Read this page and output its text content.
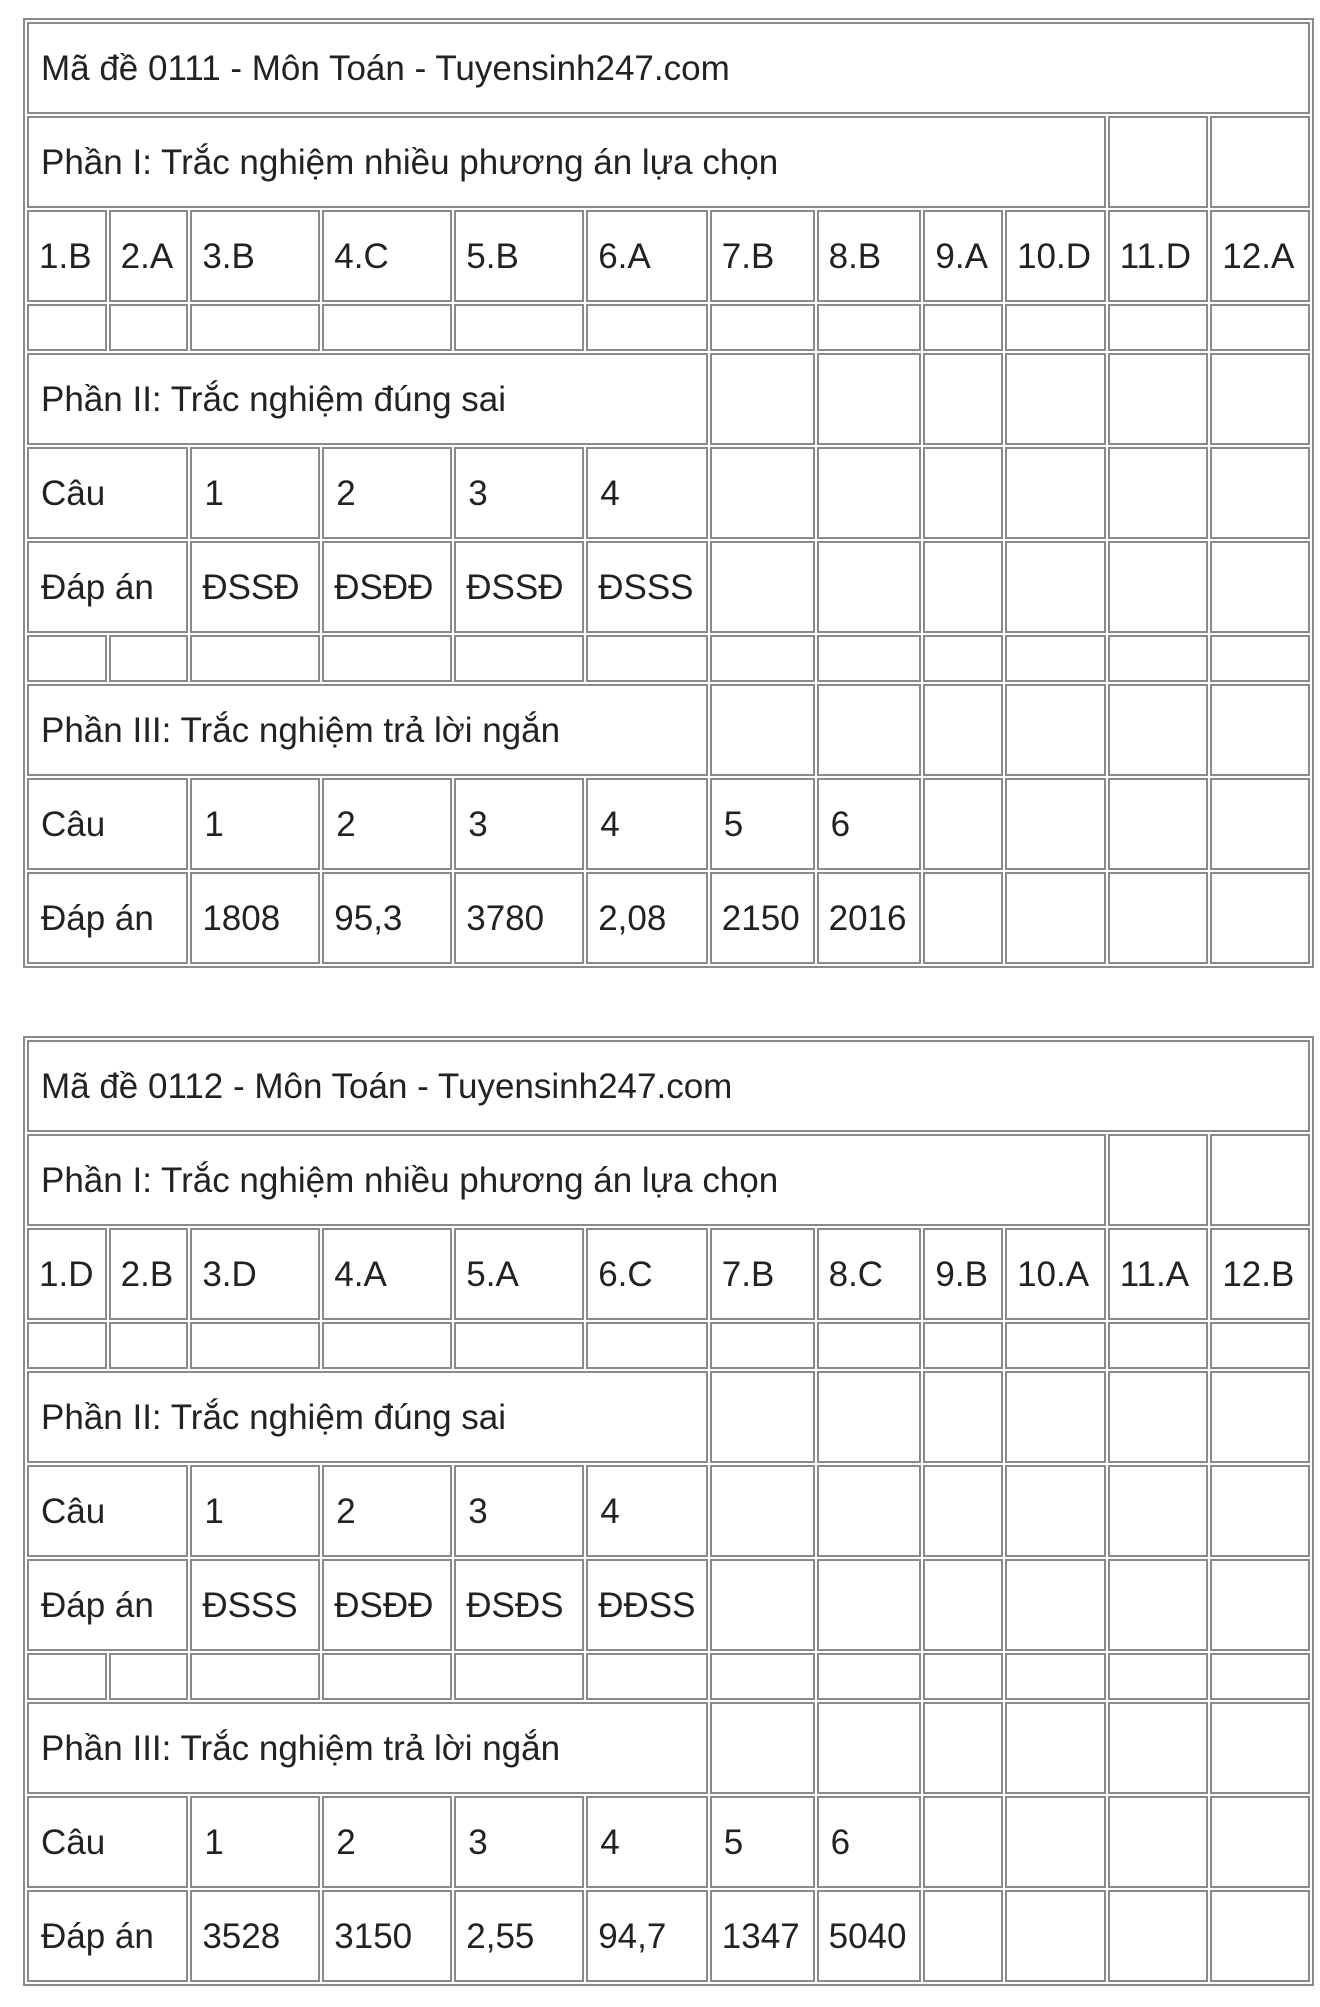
Mã đề 0111 - Môn Toán - Tuyensinh247.com											
Phần I: Trắc nghiệm nhiều phương án lựa chọn											
1.B	2.A	3.B	4.C	5.B	6.A	7.B	8.B	9.A	10.D	11.D	12.A

Phần II: Trắc nghiệm đúng sai											
Câu		1	2	3	4						
Đáp án		ĐSSĐ	ĐSĐĐ	ĐSSĐ	ĐSSS						

Phần III: Trắc nghiệm trả lời ngắn											
Câu		1	2	3	4	5	6				
Đáp án		1808	95,3	3780	2,08	2150	2016				
Mã đề 0112 - Môn Toán - Tuyensinh247.com											
Phần I: Trắc nghiệm nhiều phương án lựa chọn											
1.D	2.B	3.D	4.A	5.A	6.C	7.B	8.C	9.B	10.A	11.A	12.B

Phần II: Trắc nghiệm đúng sai											
Câu		1	2	3	4						
Đáp án		ĐSSS	ĐSĐĐ	ĐSĐS	ĐĐSS						

Phần III: Trắc nghiệm trả lời ngắn											
Câu		1	2	3	4	5	6				
Đáp án		3528	3150	2,55	94,7	1347	5040				
